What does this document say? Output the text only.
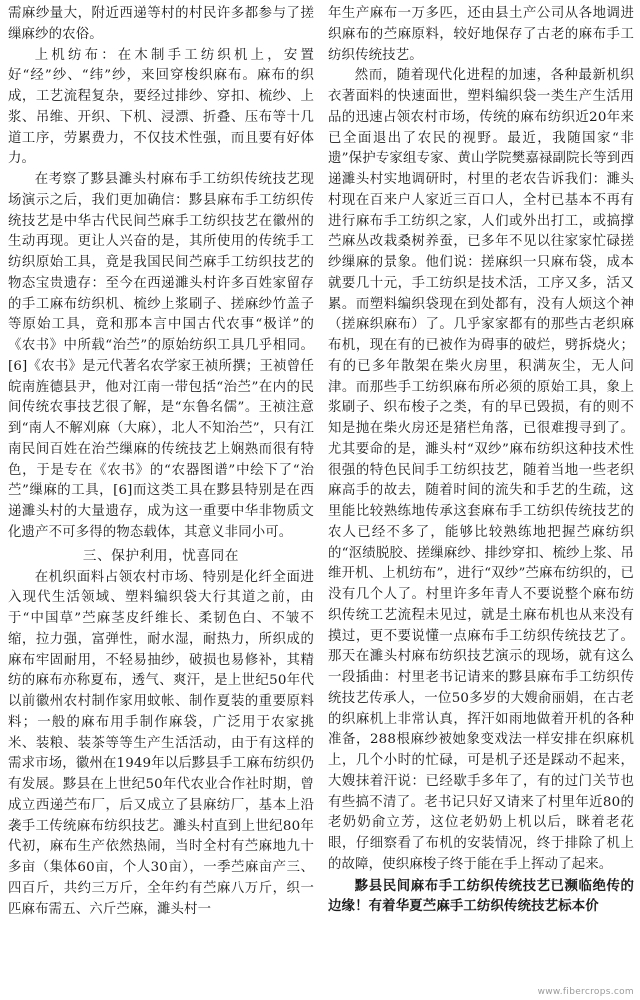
需麻纱量大，附近西递等村的村民许多都参与了搓缫麻纱的农俗。

上机纺布：在木制手工纺织机上，安置好“经”纱、“纬”纱，来回穿梭织麻布。麻布的织成，工艺流程复杂，要经过排纱、穿扣、梳纱、上浆、吊维、开织、下机、浸漂、折叠、压布等十几道工序，劳累费力，不仅技术性强，而且要有好体力。

在考察了黟县濉头村麻布手工纺织传统技艺现场演示之后，我们更加确信：黟县麻布手工纺织传统技艺是中华古代民间苎麻手工纺织技艺在徽州的生动再现。更让人兴奋的是，其所使用的传统手工纺织原始工具，竟是我国民间苎麻手工纺织技艺的物态宝贵遗存：至今在西递濉头村许多百姓家留存的手工麻布纺织机、梳纱上浆刷子、搓麻纱竹盖子等原始工具，竟和那本言中国古代农事“极详”的《农书》中所载“治苎”的原始纺织工具几乎相同。[6]《农书》是元代著名农学家王祯所撰；王祯曾任皖南旌德县尹，他对江南一带包括“治苎”在内的民间传统农事技艺很了解，是“东鲁名儒”。王祯注意到“南人不解刈麻（大麻），北人不知治苎”，只有江南民间百姓在治苎缫麻的传统技艺上娴熟而很有特色，于是专在《农书》的“农器图谱”中绘下了“治苎”缫麻的工具，[6]而这类工具在黟县特别是在西递濉头村的大量遗存，成为这一重要中华非物质文化遗产不可多得的物态载体，其意义非同小可。

三、保护利用，忧喜同在

在机织面料占领农村市场、特别是化纤全面进入现代生活领域、塑料编织袋大行其道之前，由于“中国草”苎麻茎皮纤维长、柔韧色白、不皱不缩，拉力强，富弹性，耐水湿，耐热力，所织成的麻布牢固耐用，不轻易抽纱，破损也易修补，其精纺的麻布亦称夏布，透气、爽汗，是上世纪50年代以前徽州农村制作家用蚊帐、制作夏装的重要原料料；一般的麻布用手制作麻袋，广泛用于农家挑米、装粮、装茶等等生产生活活动，由于有这样的需求市场，徽州在1949年以后黟县手工麻布纺织仍有发展。黟县在上世纪50年代农业合作社时期，曾成立西递苎布厂，后又成立了县麻纺厂，基本上沿袭手工传统麻布纺织技艺。濉头村直到上世纪80年代初，麻布生产依然热闹，当时全村有苎麻地九十多亩（集体60亩，个人30亩），一季苎麻亩产三、四百斤，共约三万斤，全年约有苎麻八万斤，织一匹麻布需五、六斤苎麻，濉头村一

年生产麻布一万多匹，还由县土产公司从各地调进织麻布的苎麻原料，较好地保存了古老的麻布手工纺织传统技艺。

然而，随着现代化进程的加速，各种最新机织衣著面料的快速面世，塑料编织袋一类生产生活用品的迅速占领农村市场，传统的麻布纺织近20年来已全面退出了农民的视野。最近，我随国家“非遗”保护专家组专家、黄山学院樊嘉禄副院长等到西递濉头村实地调研时，村里的老农告诉我们：濉头村现在百来户人家近三百口人，全村已基本不再有进行麻布手工纺织之家，人们或外出打工，或搞撑苎麻丛改栽桑树养蚕，已多年不见以往家家忙碌搓纱缫麻的景象。他们说：搓麻织一只麻布袋，成本就要几十元，手工纺织是技术活，工序又多，活又累。而塑料编织袋现在到处都有，没有人烦这个神（搓麻织麻布）了。几乎家家都有的那些古老织麻布机，现在有的已被作为碍事的破烂，劈拆烧火；有的已多年散架在柴火房里，积满灰尘，无人问津。而那些手工纺织麻布所必须的原始工具，象上浆刷子、织布梭子之类，有的早已毁损，有的则不知是抛在柴火房还是猪栏角落，已很难搜寻到了。尤其要命的是，濉头村“双纱”麻布纺织这种技术性很强的特色民间手工纺织技艺，随着当地一些老织麻高手的故去，随着时间的流失和手艺的生疏，这里能比较熟练地传承这套麻布手工纺织传统技艺的农人已经不多了，能够比较熟练地把握苎麻纺织的“沤绩脱胶、搓缫麻纱、排纱穿扣、梳纱上浆、吊维开机、上机纺布”，进行“双纱”苎麻布纺织的，已没有几个人了。村里许多年青人不要说整个麻布纺织传统工艺流程未见过，就是土麻布机也从来没有摸过，更不要说懂一点麻布手工纺织传统技艺了。那天在濉头村麻布纺织技艺演示的现场，就有这么一段插曲：村里老书记请来的黟县麻布手工纺织传统技艺传承人，一位50多岁的大嫂俞丽娟，在古老的织麻机上非常认真，挥汗如雨地做着开机的各种准备，288根麻纱被她象变戏法一样安排在织麻机上，几个小时的忙碌，可是机子还是踩动不起来，大嫂抹着汗说：已经歇手多年了，有的过门关节也有些搞不清了。老书记只好又请来了村里年近80的老奶奶俞立芳，这位老奶奶上机以后，眯着老花眼，仔细察看了布机的安装情况，终于排除了机上的故障，使织麻梭子终于能在手上挥动了起来。

黟县民间麻布手工纺织传统技艺已濒临绝传的边缘！有着华夏苎麻手工纺织传统技艺标本价

www.fibercrops.com
